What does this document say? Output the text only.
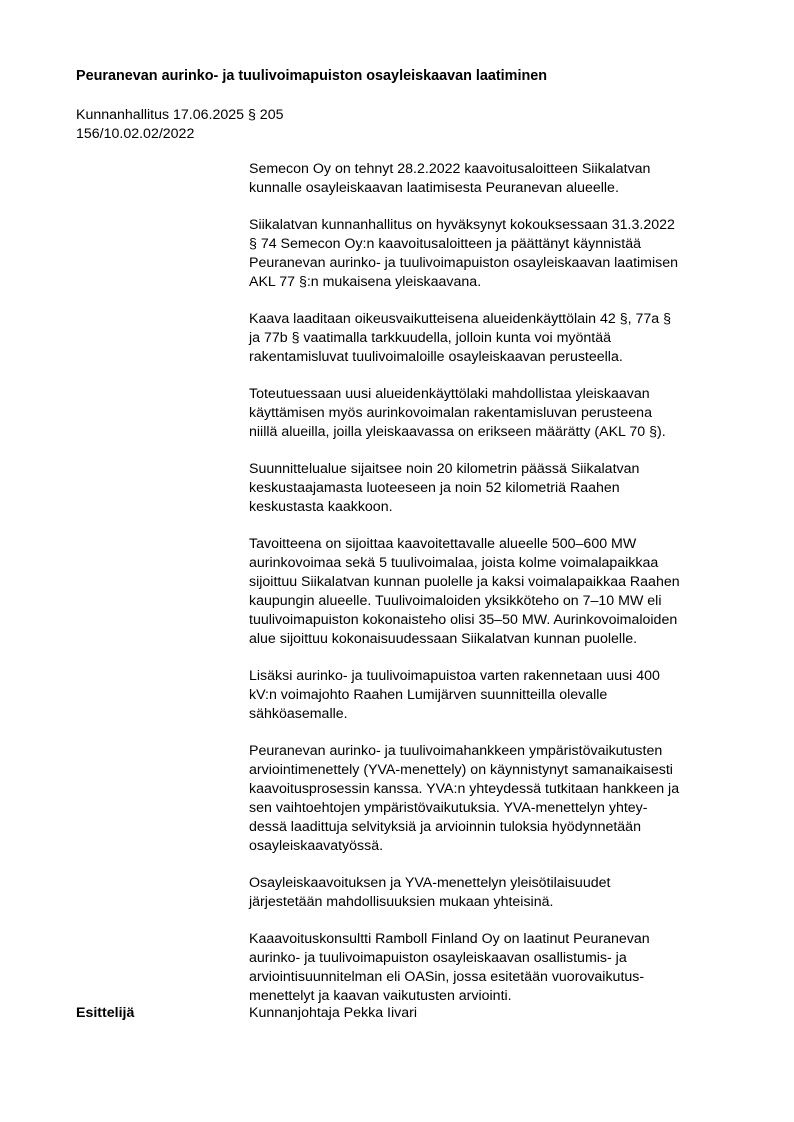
Peuranevan aurinko- ja tuulivoimapuiston osayleiskaavan laatiminen
Kunnanhallitus 17.06.2025 § 205
156/10.02.02/2022

Semecon Oy on tehnyt 28.2.2022 kaavoitusaloitteen Siikalatvan
kunnalle osayleiskaavan laatimisesta Peuranevan alueelle.

Siikalatvan kunnanhallitus on hyväksynyt kokouksessaan 31.3.2022
§ 74 Semecon Oy:n kaavoitusaloitteen ja päättänyt käynnistää
Peuranevan aurinko- ja tuulivoimapuiston osayleiskaavan laatimisen
AKL 77 §:n mukaisena yleiskaavana.

Kaava laaditaan oikeusvaikutteisena alueidenkäyttölain 42 §, 77a §
ja 77b § vaatimalla tarkkuudella, jolloin kunta voi myöntää
rakentamisluvat tuulivoimaloille osayleiskaavan perusteella.

Toteutuessaan uusi alueidenkäyttölaki mahdollistaa yleiskaavan
käyttämisen myös aurinkovoimalan rakentamisluvan perusteena
niillä alueilla, joilla yleiskaavassa on erikseen määrätty (AKL 70 §).

Suunnittelualue sijaitsee noin 20 kilometrin päässä Siikalatvan
keskustaajamasta luoteeseen ja noin 52 kilometriä Raahen
keskustasta kaakkoon.

Tavoitteena on sijoittaa kaavoitettavalle alueelle 500–600 MW
aurinkovoimaa sekä 5 tuulivoimalaa, joista kolme voimalapaikkaa
sijoittuu Siikalatvan kunnan puolelle ja kaksi voimalapaikkaa Raahen
kaupungin alueelle. Tuulivoimaloiden yksikköteho on 7–10 MW eli
tuulivoimapuiston kokonaisteho olisi 35–50 MW. Aurinkovoimaloiden
alue sijoittuu kokonaisuudessaan Siikalatvan kunnan puolelle.

Lisäksi aurinko- ja tuulivoimapuistoa varten rakennetaan uusi 400
kV:n voimajohto Raahen Lumijärven suunnitteilla olevalle
sähköasemalle.

Peuranevan aurinko- ja tuulivoimahankkeen ympäristövaikutusten
arviointimenettely (YVA-menettely) on käynnistynyt samanaikaisesti
kaavoitusprosessin kanssa. YVA:n yhteydessä tutkitaan hankkeen ja
sen vaihtoehtojen ympäristövaikutuksia. YVA-menettelyn yhtey-
dessä laadittuja selvityksiä ja arvioinnin tuloksia hyödynnetään
osayleiskaavatyössä.

Osayleiskaavoituksen ja YVA-menettelyn yleisötilaisuudet
järjestetään mahdollisuuksien mukaan yhteisinä.

Kaaavoituskonsultti Ramboll Finland Oy on laatinut Peuranevan
aurinko- ja tuulivoimapuiston osayleiskaavan osallistumis- ja
arviointisuunnitelman eli OASin, jossa esitetään vuorovaikutus-
menettelyt ja kaavan vaikutusten arviointi.

Esittelijä	Kunnanjohtaja Pekka Iivari
